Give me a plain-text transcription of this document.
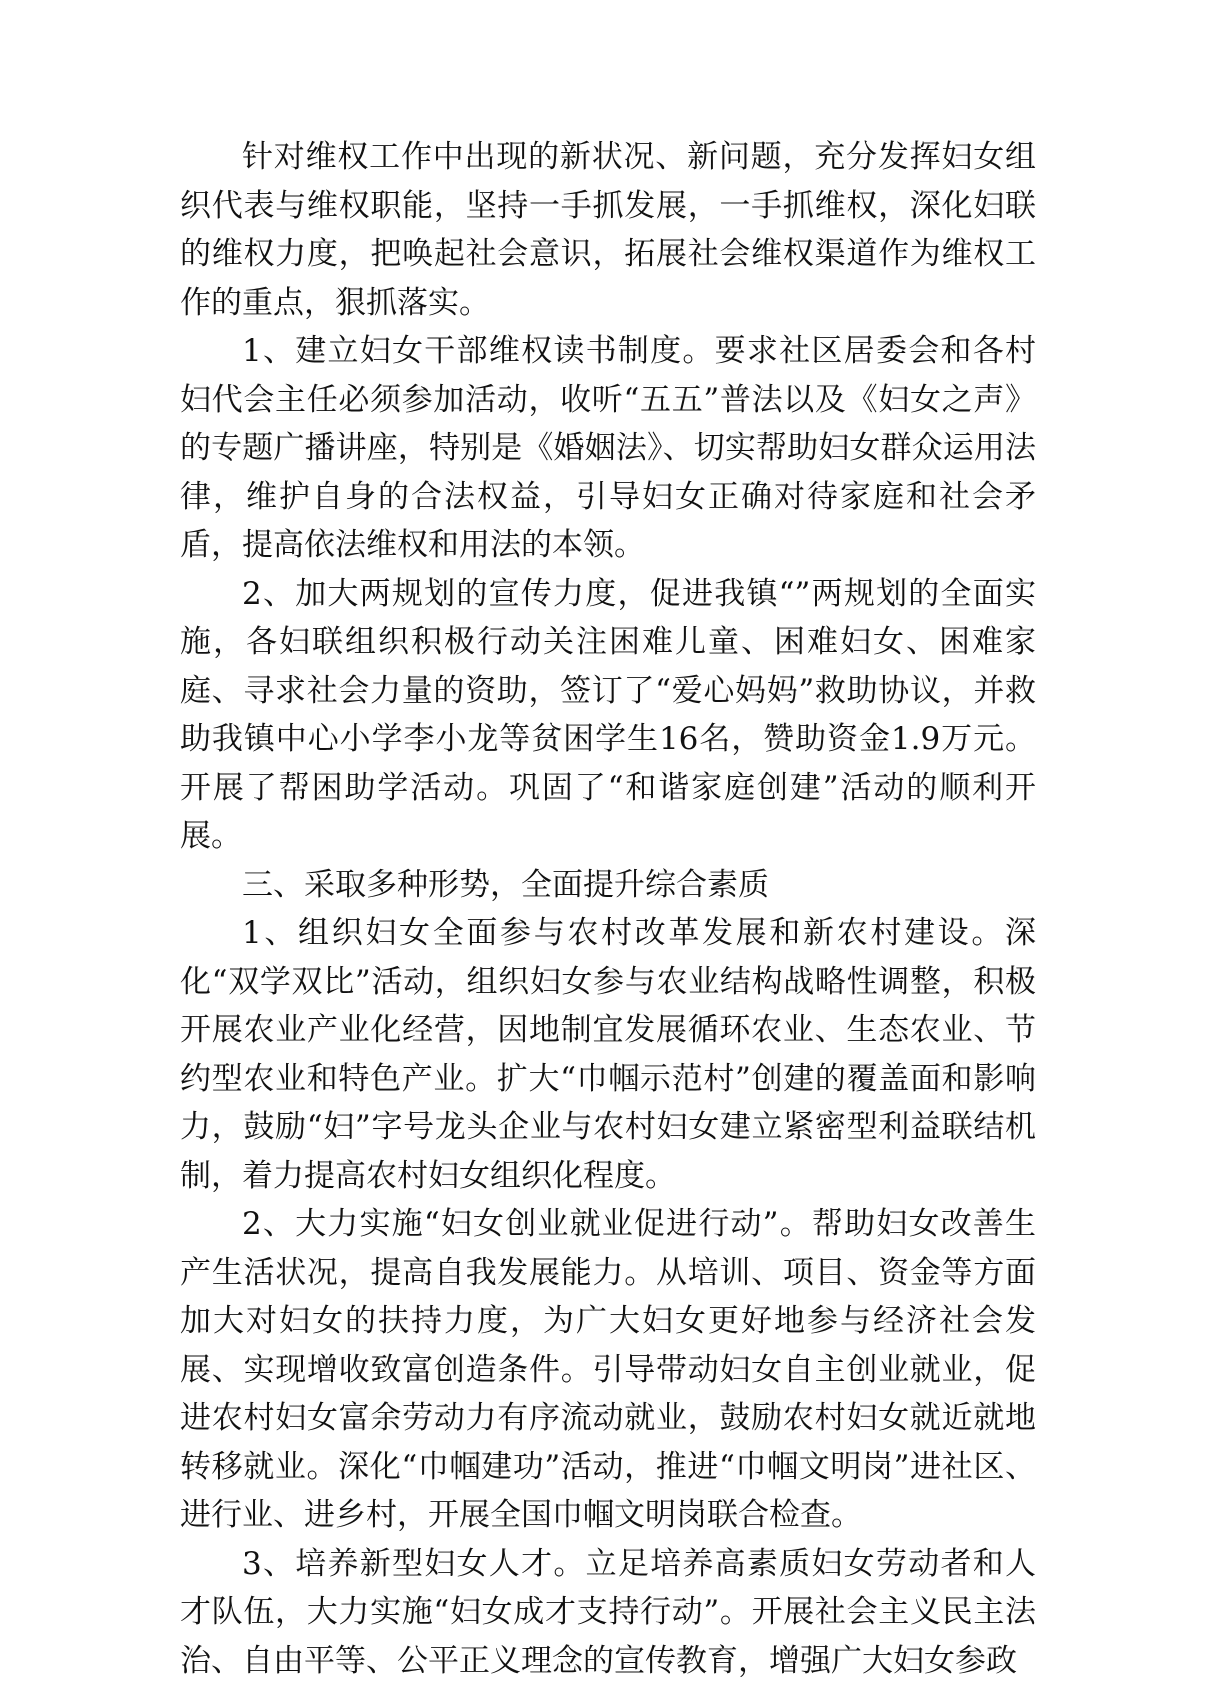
针对维权工作中出现的新状况、新问题，充分发挥妇女组织代表与维权职能，坚持一手抓发展，一手抓维权，深化妇联的维权力度，把唤起社会意识，拓展社会维权渠道作为维权工作的重点，狠抓落实。

1、建立妇女干部维权读书制度。要求社区居委会和各村妇代会主任必须参加活动，收听“五五”普法以及《妇女之声》的专题广播讲座，特别是《婚姻法》、切实帮助妇女群众运用法律，维护自身的合法权益，引导妇女正确对待家庭和社会矛盾，提高依法维权和用法的本领。

2、加大两规划的宣传力度，促进我镇“”两规划的全面实施，各妇联组织积极行动关注困难儿童、困难妇女、困难家庭、寻求社会力量的资助，签订了“爱心妈妈”救助协议，并救助我镇中心小学李小龙等贫困学生16名，赞助资金1.9万元。开展了帮困助学活动。巩固了“和谐家庭创建”活动的顺利开展。

三、采取多种形势，全面提升综合素质

1、组织妇女全面参与农村改革发展和新农村建设。深化“双学双比”活动，组织妇女参与农业结构战略性调整，积极开展农业产业化经营，因地制宜发展循环农业、生态农业、节约型农业和特色产业。扩大“巾帼示范村”创建的覆盖面和影响力，鼓励“妇”字号龙头企业与农村妇女建立紧密型利益联结机制，着力提高农村妇女组织化程度。

2、大力实施“妇女创业就业促进行动”。帮助妇女改善生产生活状况，提高自我发展能力。从培训、项目、资金等方面加大对妇女的扶持力度，为广大妇女更好地参与经济社会发展、实现增收致富创造条件。引导带动妇女自主创业就业，促进农村妇女富余劳动力有序流动就业，鼓励农村妇女就近就地转移就业。深化“巾帼建功”活动，推进“巾帼文明岗”进社区、进行业、进乡村，开展全国巾帼文明岗联合检查。

3、培养新型妇女人才。立足培养高素质妇女劳动者和人才队伍，大力实施“妇女成才支持行动”。开展社会主义民主法治、自由平等、公平正义理念的宣传教育，增强广大妇女参政
